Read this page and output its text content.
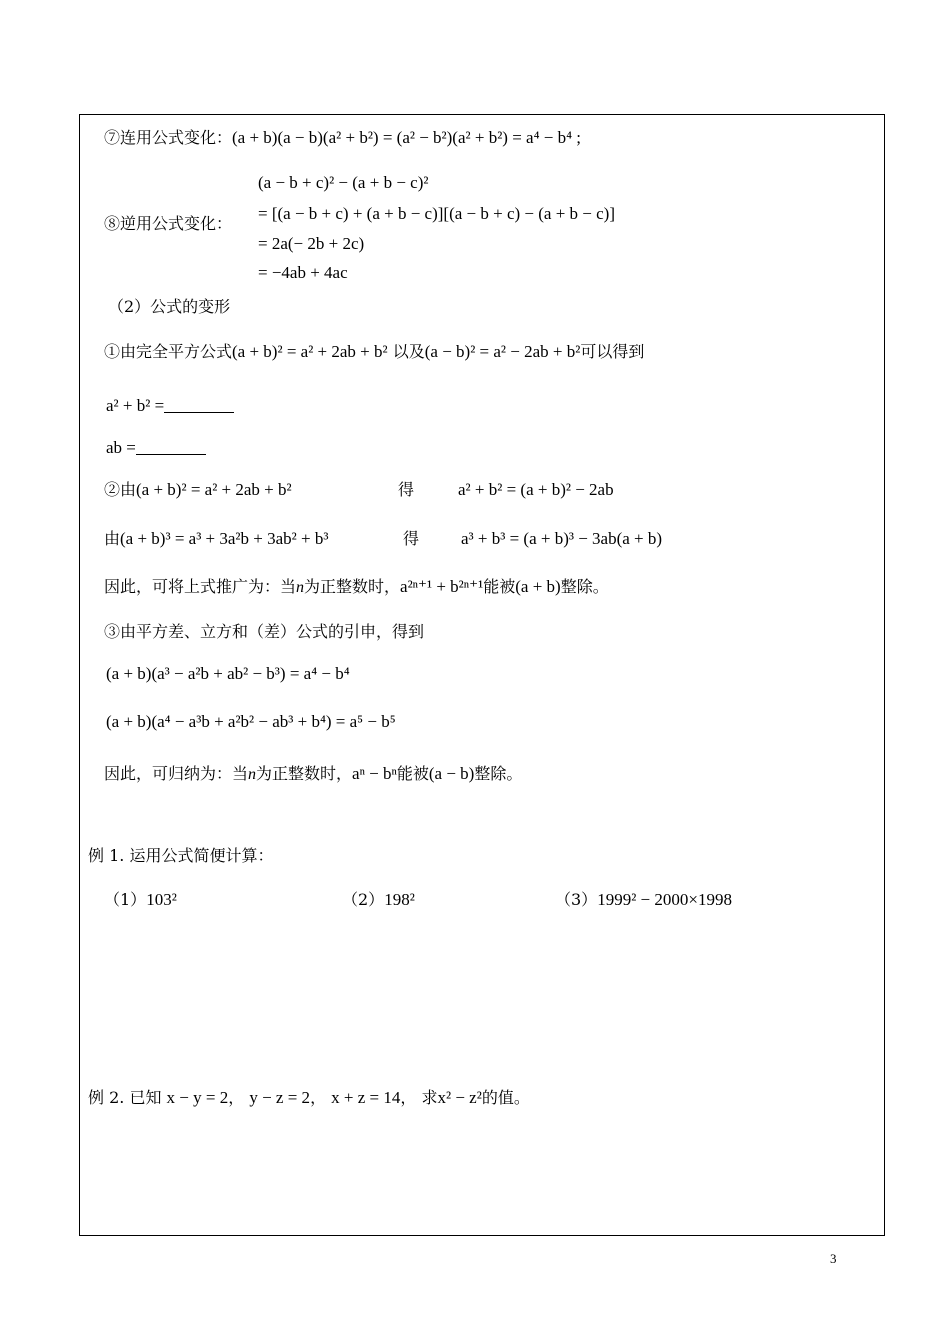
⑦连用公式变化：(a + b)(a − b)(a² + b²) = (a² − b²)(a² + b²) = a⁴ − b⁴ ;
(a − b + c)² − (a + b − c)²
⑧逆用公式变化：
= [(a − b + c) + (a + b − c)][(a − b + c) − (a + b − c)]
= 2a(− 2b + 2c)
= −4ab + 4ac
（2）公式的变形
①由完全平方公式(a + b)² = a² + 2ab + b² 以及(a − b)² = a² − 2ab + b²可以得到
a² + b² =
ab =
②由(a + b)² = a² + 2ab + b²	得	a² + b² = (a + b)² − 2ab
由(a + b)³ = a³ + 3a²b + 3ab² + b³	得 a³ + b³ = (a + b)³ − 3ab(a + b)
因此，可将上式推广为：当n为正整数时，a²ⁿ⁺¹ + b²ⁿ⁺¹能被(a + b)整除。
③由平方差、立方和（差）公式的引申，得到
(a + b)(a³ − a²b + ab² − b³) = a⁴ − b⁴
(a + b)(a⁴ − a³b + a²b² − ab³ + b⁴) = a⁵ − b⁵
因此，可归纳为：当n为正整数时，aⁿ − bⁿ能被(a − b)整除。
例 1. 运用公式简便计算：
（1）103²	（2）198²	（3）1999² − 2000×1998
例 2. 已知 x − y = 2， y − z = 2， x + z = 14， 求x² − z²的值。
3
